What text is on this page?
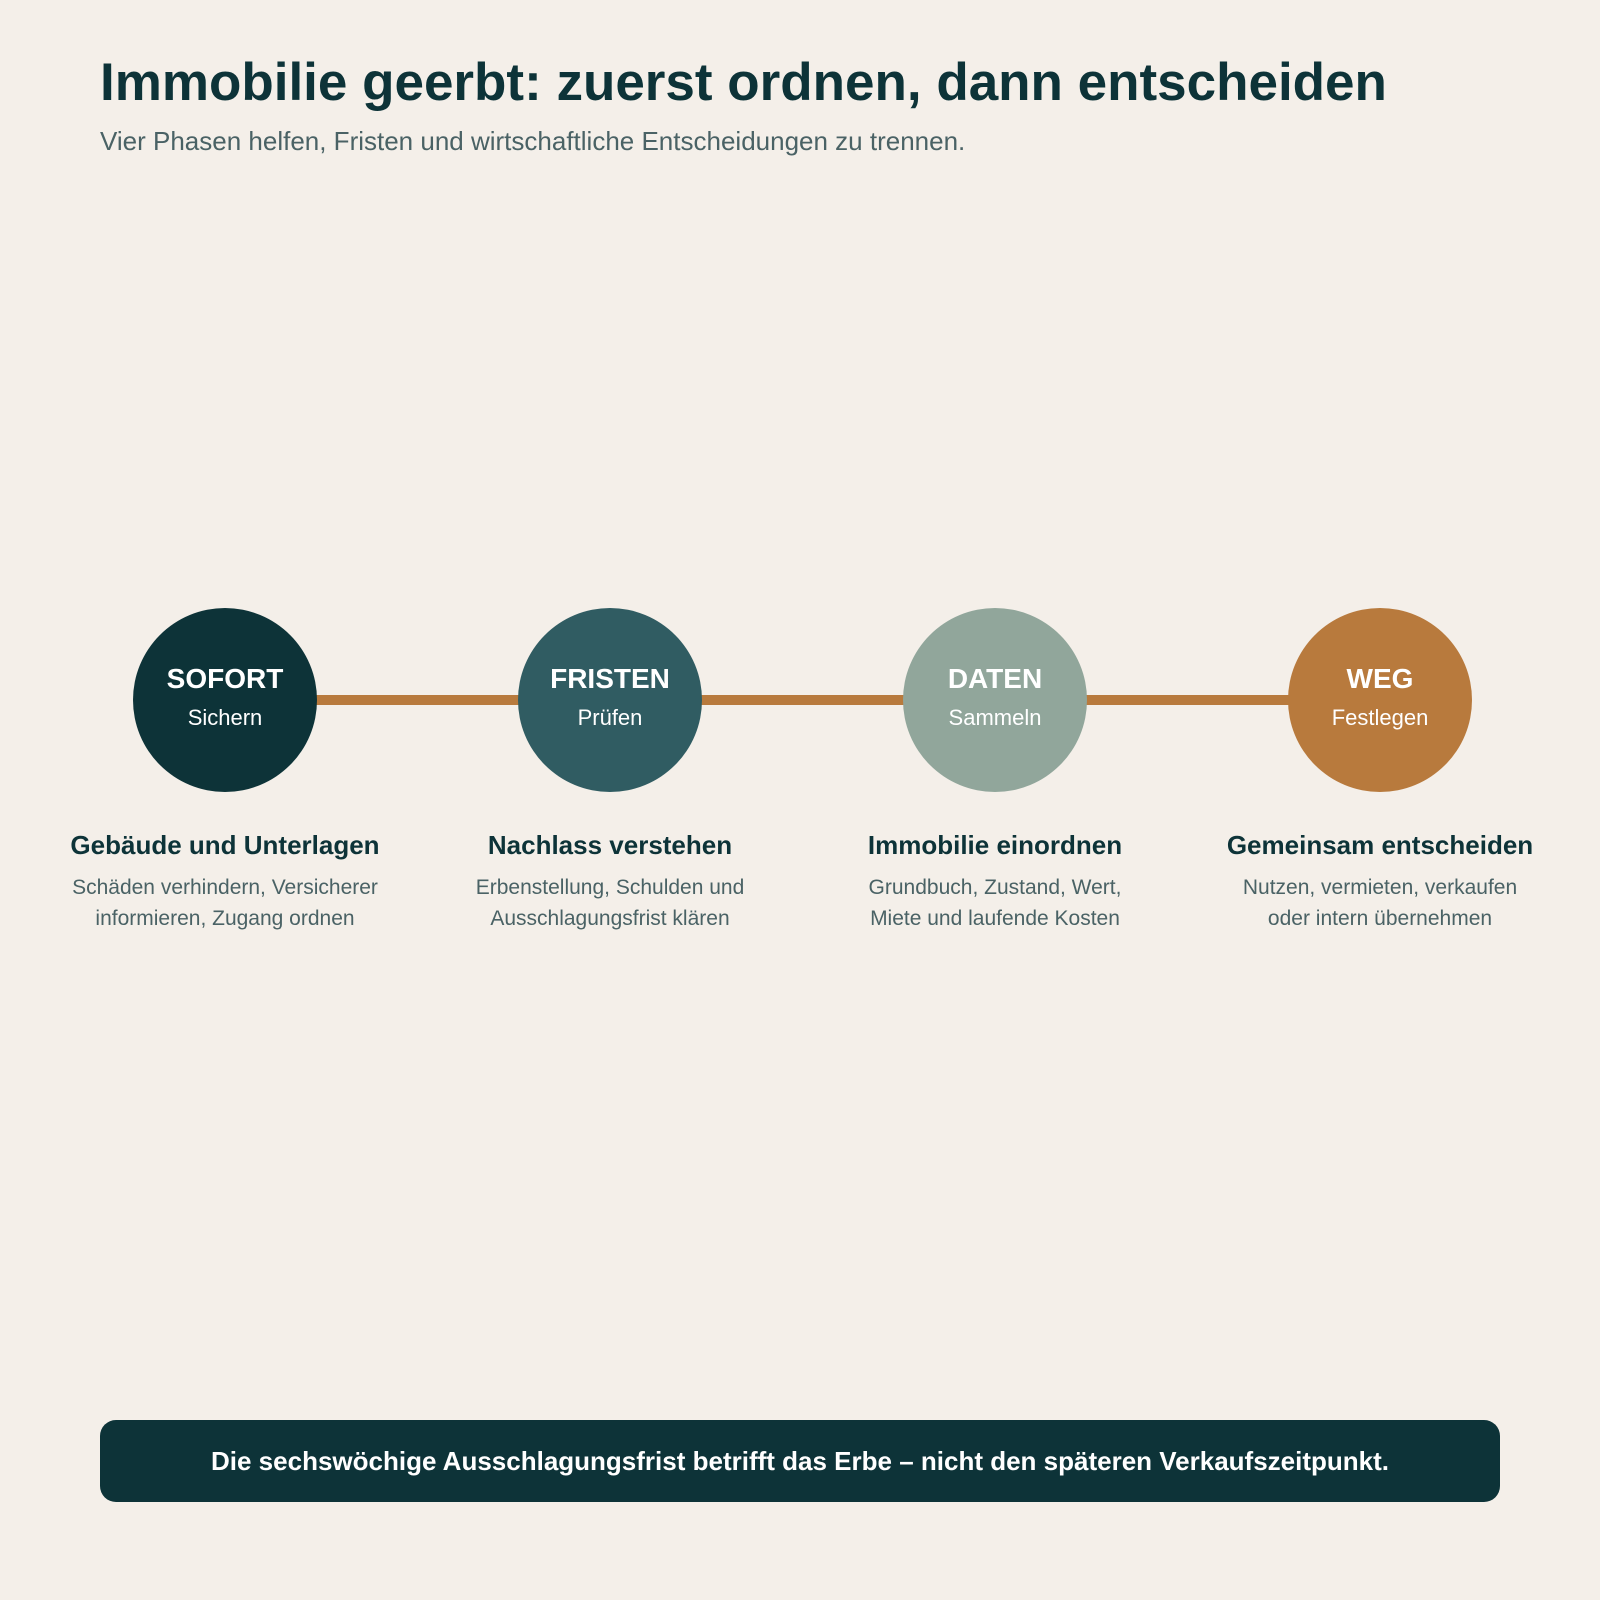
Immobilie geerbt: zuerst ordnen, dann entscheiden

Vier Phasen helfen, Fristen und wirtschaftliche Entscheidungen zu trennen.

SOFORT
Sichern
Gebäude und Unterlagen
Schäden verhindern, Versicherer
informieren, Zugang ordnen
FRISTEN
Prüfen
Nachlass verstehen
Erbenstellung, Schulden und
Ausschlagungsfrist klären
DATEN
Sammeln
Immobilie einordnen
Grundbuch, Zustand, Wert,
Miete und laufende Kosten
WEG
Festlegen
Gemeinsam entscheiden
Nutzen, vermieten, verkaufen
oder intern übernehmen
Die sechswöchige Ausschlagungsfrist betrifft das Erbe – nicht den späteren Verkaufszeitpunkt.
